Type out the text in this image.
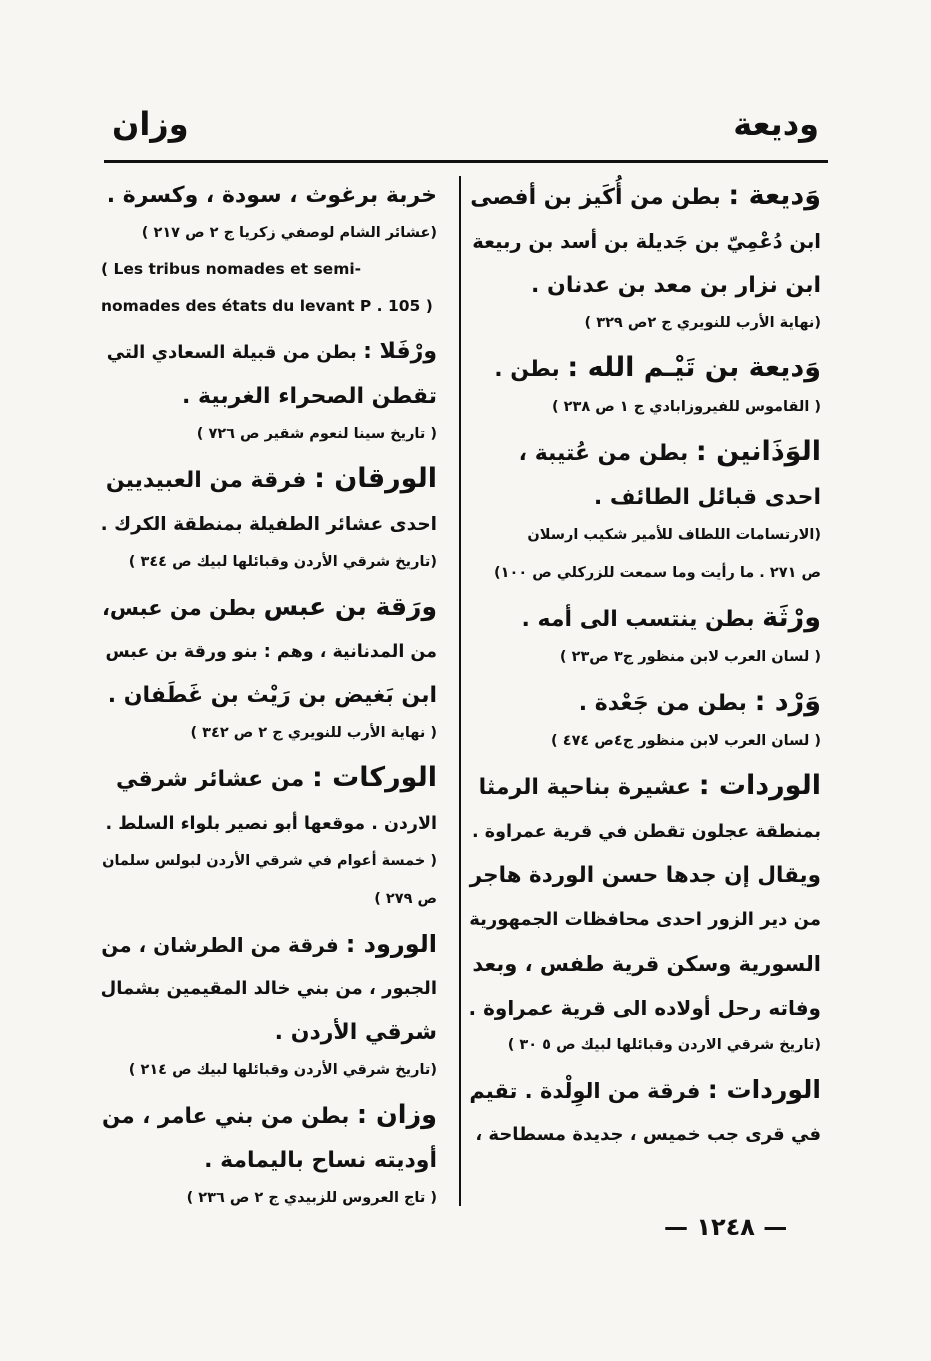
وديعة
وزان

وَديعة : بطن من أُكَيز بن أفصى

ابن دُعْمِيّ بن جَديلة بن أسد بن ربيعة

ابن نزار بن معد بن عدنان .

(نهاية الأرب للنويري ج ٢ص ٣٢٩ )

وَديعة بن تَيْـم الله : بطن .

( القاموس للفيروزابادي ج ١ ص ٢٣٨ )

الوَذَانين : بطن من عُتيبة ،

احدى قبائل الطائف .

(الارتسامات اللطاف للأمير شكيب ارسلان

ص ٢٧١ . ما رأيت وما سمعت للزركلي ص ١٠٠)

ورْثَة بطن ينتسب الى أمه .

( لسان العرب لابن منظور ج٣ ص٢٣ )

وَرْد : بطن من جَعْدة .

( لسان العرب لابن منظور ج٤ص ٤٧٤ )

الوردات : عشيرة بناحية الرمثا

بمنطقة عجلون تقطن في قرية عمراوة .

ويقال إن جدها حسن الوردة هاجر

من دير الزور احدى محافظات الجمهورية

السورية وسكن قرية طفس ، وبعد

وفاته رحل أولاده الى قرية عمراوة .

(تاريخ شرقي الاردن وقبائلها لبيك ص ٥ ٣٠ )

الوردات : فرقة من الوِلْدة . تقيم

في قرى جب خميس ، جديدة مسطاحة ،

خربة برغوث ، سودة ، وكسرة .

(عشائر الشام لوصفي زكريا ج ٢ ص ٢١٧ )

( Les tribus nomades et semi-

nomades des états du levant P . 105 )

ورْفَلا : بطن من قبيلة السعادي التي

تقطن الصحراء الغربية .

( تاريخ سينا لنعوم شقير ص ٧٢٦ )

الورقان : فرقة من العبيديين

احدى عشائر الطفيلة بمنطقة الكرك .

(تاريخ شرقي الأردن وقبائلها لبيك ص ٣٤٤ )

ورَقة بن عبس بطن من عبس،

من المدنانية ، وهم : بنو ورقة بن عبس

ابن بَغيض بن رَيْث بن غَطَفان .

( نهاية الأرب للنويري ج ٢ ص ٣٤٢ )

الوركات : من عشائر شرقي

الاردن . موقعها أبو نصير بلواء السلط .

( خمسة أعوام في شرقي الأردن لبولس سلمان

ص ٢٧٩ )

الورود : فرقة من الطرشان ، من

الجبور ، من بني خالد المقيمين بشمال

شرقي الأردن .

(تاريخ شرقي الأردن وقبائلها لبيك ص ٢١٤ )

وزان : بطن من بني عامر ، من

أوديته نساح باليمامة .

( تاج العروس للزبيدي ج ٢ ص ٢٣٦ )

— ١٢٤٨ —
